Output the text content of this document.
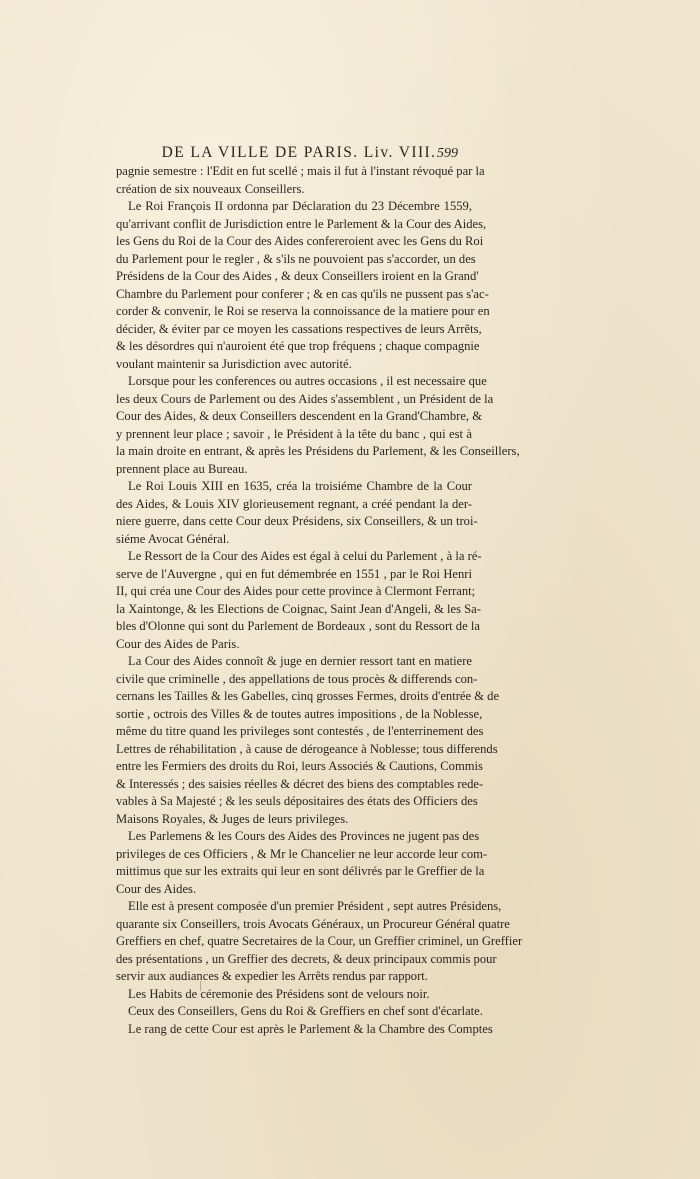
DE LA VILLE DE PARIS. Liv. VIII. 599
pagnie semestre : l'Edit en fut scellé ; mais il fut à l'instant révoqué par la
création de six nouveaux Conseillers.
Le Roi François II ordonna par Déclaration du 23 Décembre 1559,
qu'arrivant conflit de Jurisdiction entre le Parlement & la Cour des Aides,
les Gens du Roi de la Cour des Aides confereroient avec les Gens du Roi
du Parlement pour le regler , & s'ils ne pouvoient pas s'accorder, un des
Présidens de la Cour des Aides , & deux Conseillers iroient en la Grand'
Chambre du Parlement pour conferer ; & en cas qu'ils ne pussent pas s'ac-
corder & convenir, le Roi se reserva la connoissance de la matiere pour en
décider, & éviter par ce moyen les cassations respectives de leurs Arrêts,
& les désordres qui n'auroient été que trop fréquens ; chaque compagnie
voulant maintenir sa Jurisdiction avec autorité.
Lorsque pour les conferences ou autres occasions , il est necessaire que
les deux Cours de Parlement ou des Aides s'assemblent , un Président de la
Cour des Aides, & deux Conseillers descendent en la Grand'Chambre, &
y prennent leur place ; savoir , le Président à la tête du banc , qui est à
la main droite en entrant, & après les Présidens du Parlement, & les Conseillers,
prennent place au Bureau.
Le Roi Louis XIII en 1635, créa la troisiéme Chambre de la Cour
des Aides, & Louis XIV glorieusement regnant, a créé pendant la der-
niere guerre, dans cette Cour deux Présidens, six Conseillers, & un troi-
siéme Avocat Général.
Le Ressort de la Cour des Aides est égal à celui du Parlement , à la ré-
serve de l'Auvergne , qui en fut démembrée en 1551 , par le Roi Henri
II, qui créa une Cour des Aides pour cette province à Clermont Ferrant;
la Xaintonge, & les Elections de Coignac, Saint Jean d'Angeli, & les Sa-
bles d'Olonne qui sont du Parlement de Bordeaux , sont du Ressort de la
Cour des Aides de Paris.
La Cour des Aides connoît & juge en dernier ressort tant en matiere
civile que criminelle , des appellations de tous procès & differends con-
cernans les Tailles & les Gabelles, cinq grosses Fermes, droits d'entrée & de
sortie , octrois des Villes & de toutes autres impositions , de la Noblesse,
même du titre quand les privileges sont contestés , de l'enterrinement des
Lettres de réhabilitation , à cause de dérogeance à Noblesse; tous differends
entre les Fermiers des droits du Roi, leurs Associés & Cautions, Commis
& Interessés ; des saisies réelles & décret des biens des comptables rede-
vables à Sa Majesté ; & les seuls dépositaires des états des Officiers des
Maisons Royales, & Juges de leurs privileges.
Les Parlemens & les Cours des Aides des Provinces ne jugent pas des
privileges de ces Officiers , & Mr le Chancelier ne leur accorde leur com-
mittimus que sur les extraits qui leur en sont délivrés par le Greffier de la
Cour des Aides.
Elle est à present composée d'un premier Président , sept autres Présidens,
quarante six Conseillers, trois Avocats Généraux, un Procureur Général quatre
Greffiers en chef, quatre Secretaires de la Cour, un Greffier criminel, un Greffier
des présentations , un Greffier des decrets, & deux principaux commis pour
servir aux audiances & expedier les Arrêts rendus par rapport.
Les Habits de céremonie des Présidens sont de velours noir.
Ceux des Conseillers, Gens du Roi & Greffiers en chef sont d'écarlate.
Le rang de cette Cour est après le Parlement & la Chambre des Comptes
